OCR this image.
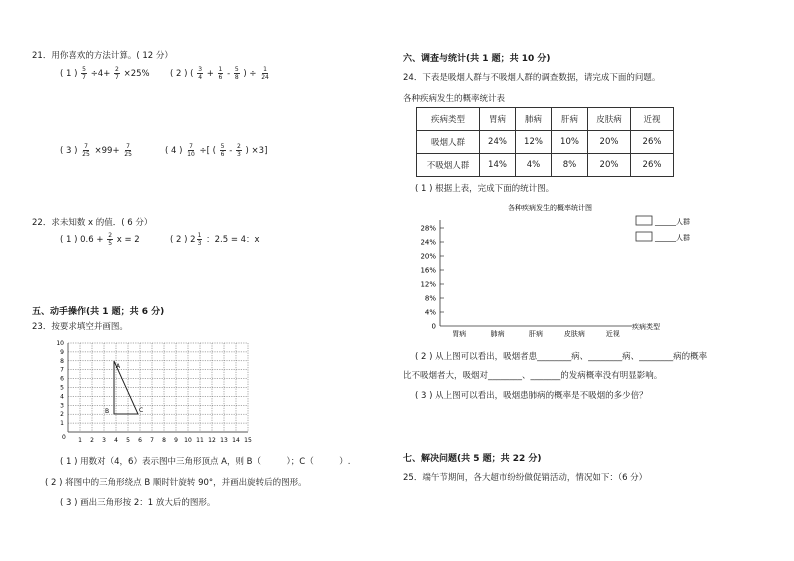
21．用你喜欢的方法计算。( 12 分）
( 1 ) $\frac{5}{7} \div 4+ \frac{2}{7} \times 25\%$ ( 2 ) ( $\frac{3}{4} + \frac{1}{6} - \frac{5}{8}$ ) ÷ $\frac{1}{24}$
( 3 ) $\frac{7}{25} \times 99+ \frac{7}{25}$	( 4 ) $\frac{7}{10}$ ÷[ ( $\frac{5}{6} - \frac{2}{3}$ ) ×3]
22．求未知数 x 的值．( 6 分）
( 1 ) $0.6 + \frac{2}{5}$ x = 2	( 2 ) $2 \frac{1}{3}$ ：2.5 = 4：x
五、动手操作(共 1 题；共 6 分)
23．按要求填空并画图。
1 2 3 4 5 6 7 8 9 10 11 12 13 14 15
1
2
3
4
5
6
7
8
9
10
0
A
B	C
( 1 ) 用数对（4，6）表示图中三角形顶点 A，则 B（　　　）；C（　　　）.
( 2 ) 将图中的三角形绕点 B 顺时针旋转 90°，并画出旋转后的图形。
( 3 ) 画出三角形按 2：1 放大后的图形。
六、调查与统计(共 1 题；共 10 分)
24．下表是吸烟人群与不吸烟人群的调查数据，请完成下面的问题。
各种疾病发生的概率统计表
疾病类型	胃病	肺病	肝病	皮肤病	近视
吸烟人群	24%	12%	10%	20%	26%
不吸烟人群	14%	4%	8%	20%	26%
( 1 ) 根据上表，完成下面的统计图。
各种疾病发生的概率统计图
0
4%
8%
12%
16%
20%
24%
28%
胃病	肺病	肝病	皮肤病	近视
疾病类型
______人群
______人群
( 2 ) 从上图可以看出，吸烟者患________病、________病、________病的概率
比不吸烟者大，吸烟对________、_______的发病概率没有明显影响。
( 3 ) 从上图可以看出，吸烟患肺病的概率是不吸烟的多少倍？
七、解决问题(共 5 题；共 22 分)
25．端午节期间，各大超市纷纷做促销活动，情况如下：（6 分）
